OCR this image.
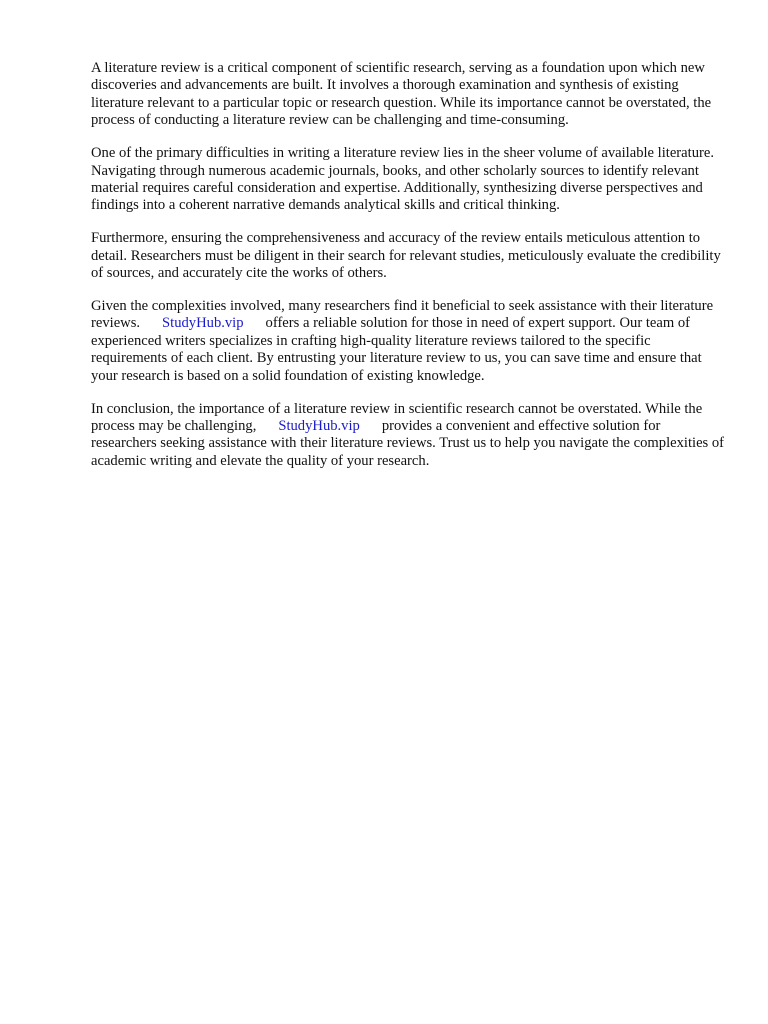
A literature review is a critical component of scientific research, serving as a foundation upon which new discoveries and advancements are built. It involves a thorough examination and synthesis of existing literature relevant to a particular topic or research question. While its importance cannot be overstated, the process of conducting a literature review can be challenging and time-consuming.

One of the primary difficulties in writing a literature review lies in the sheer volume of available literature. Navigating through numerous academic journals, books, and other scholarly sources to identify relevant material requires careful consideration and expertise. Additionally, synthesizing diverse perspectives and findings into a coherent narrative demands analytical skills and critical thinking.

Furthermore, ensuring the comprehensiveness and accuracy of the review entails meticulous attention to detail. Researchers must be diligent in their search for relevant studies, meticulously evaluate the credibility of sources, and accurately cite the works of others.

Given the complexities involved, many researchers find it beneficial to seek assistance with their literature reviews. StudyHub.vip offers a reliable solution for those in need of expert support. Our team of experienced writers specializes in crafting high-quality literature reviews tailored to the specific requirements of each client. By entrusting your literature review to us, you can save time and ensure that your research is based on a solid foundation of existing knowledge.

In conclusion, the importance of a literature review in scientific research cannot be overstated. While the process may be challenging, StudyHub.vip provides a convenient and effective solution for researchers seeking assistance with their literature reviews. Trust us to help you navigate the complexities of academic writing and elevate the quality of your research.
